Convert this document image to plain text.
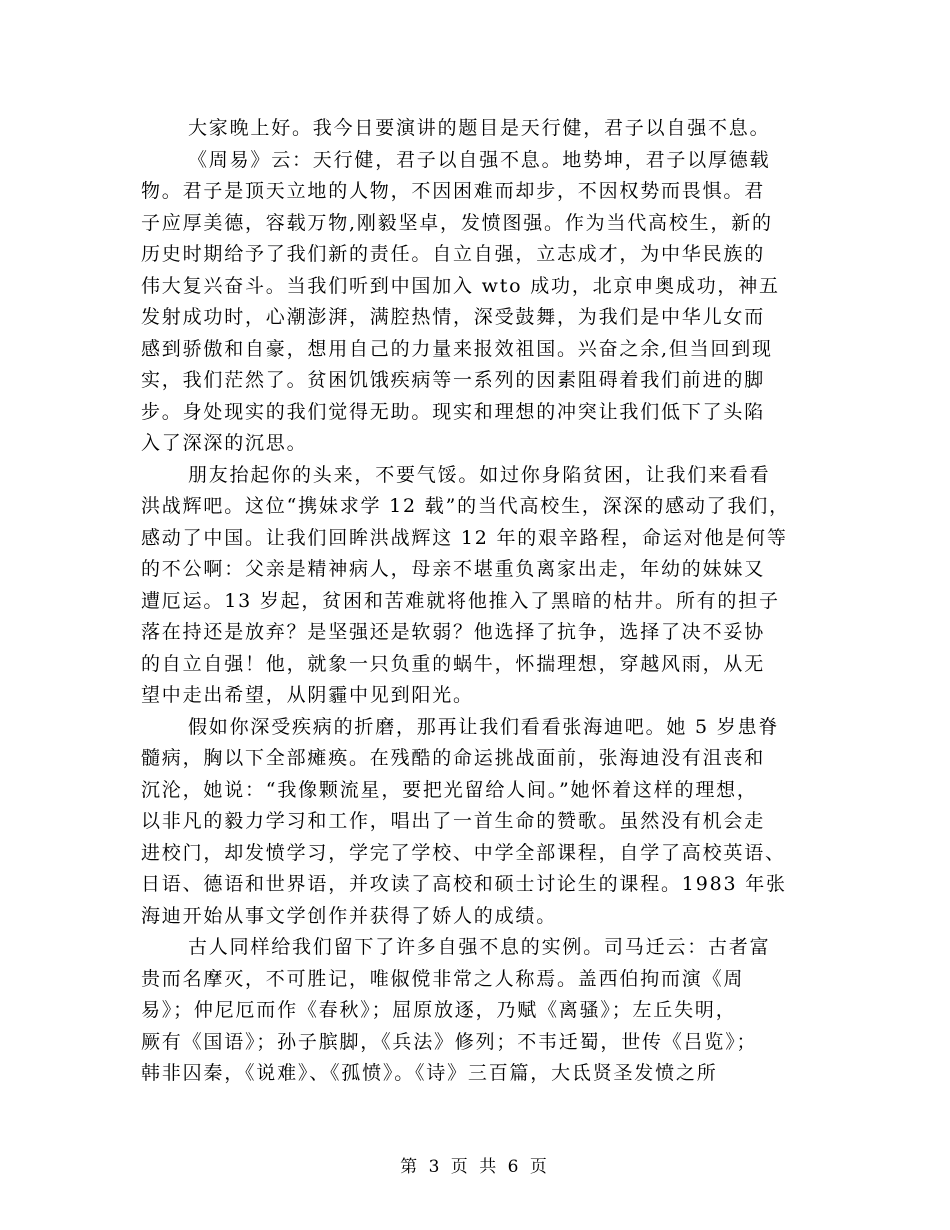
大家晚上好。我今日要演讲的题目是天行健，君子以自强不息。
《周易》云：天行健，君子以自强不息。地势坤，君子以厚德载
物。君子是顶天立地的人物，不因困难而却步，不因权势而畏惧。君
子应厚美德，容载万物,刚毅坚卓，发愤图强。作为当代高校生，新的
历史时期给予了我们新的责任。自立自强，立志成才，为中华民族的
伟大复兴奋斗。当我们听到中国加入 wto 成功，北京申奥成功，神五
发射成功时，心潮澎湃，满腔热情，深受鼓舞，为我们是中华儿女而
感到骄傲和自豪，想用自己的力量来报效祖国。兴奋之余,但当回到现
实，我们茫然了。贫困饥饿疾病等一系列的因素阻碍着我们前进的脚
步。身处现实的我们觉得无助。现实和理想的冲突让我们低下了头陷
入了深深的沉思。
朋友抬起你的头来，不要气馁。如过你身陷贫困，让我们来看看
洪战辉吧。这位“携妹求学 12 载”的当代高校生，深深的感动了我们，
感动了中国。让我们回眸洪战辉这 12 年的艰辛路程，命运对他是何等
的不公啊：父亲是精神病人，母亲不堪重负离家出走，年幼的妹妹又
遭厄运。13 岁起，贫困和苦难就将他推入了黑暗的枯井。所有的担子
落在持还是放弃？是坚强还是软弱？他选择了抗争，选择了决不妥协
的自立自强！他，就象一只负重的蜗牛，怀揣理想，穿越风雨，从无
望中走出希望，从阴霾中见到阳光。
假如你深受疾病的折磨，那再让我们看看张海迪吧。她 5 岁患脊
髓病，胸以下全部瘫痪。在残酷的命运挑战面前，张海迪没有沮丧和
沉沦，她说：“我像颗流星，要把光留给人间。”她怀着这样的理想，
以非凡的毅力学习和工作，唱出了一首生命的赞歌。虽然没有机会走
进校门，却发愤学习，学完了学校、中学全部课程，自学了高校英语、
日语、德语和世界语，并攻读了高校和硕士讨论生的课程。1983 年张
海迪开始从事文学创作并获得了娇人的成绩。
古人同样给我们留下了许多自强不息的实例。司马迁云：古者富
贵而名摩灭，不可胜记，唯俶傥非常之人称焉。盖西伯拘而演《周
易》；仲尼厄而作《春秋》；屈原放逐，乃赋《离骚》；左丘失明，
厥有《国语》；孙子膑脚，《兵法》修列；不韦迁蜀，世传《吕览》；
韩非囚秦，《说难》、《孤愤》。《诗》三百篇，大氐贤圣发愤之所
第 3 页 共 6 页
